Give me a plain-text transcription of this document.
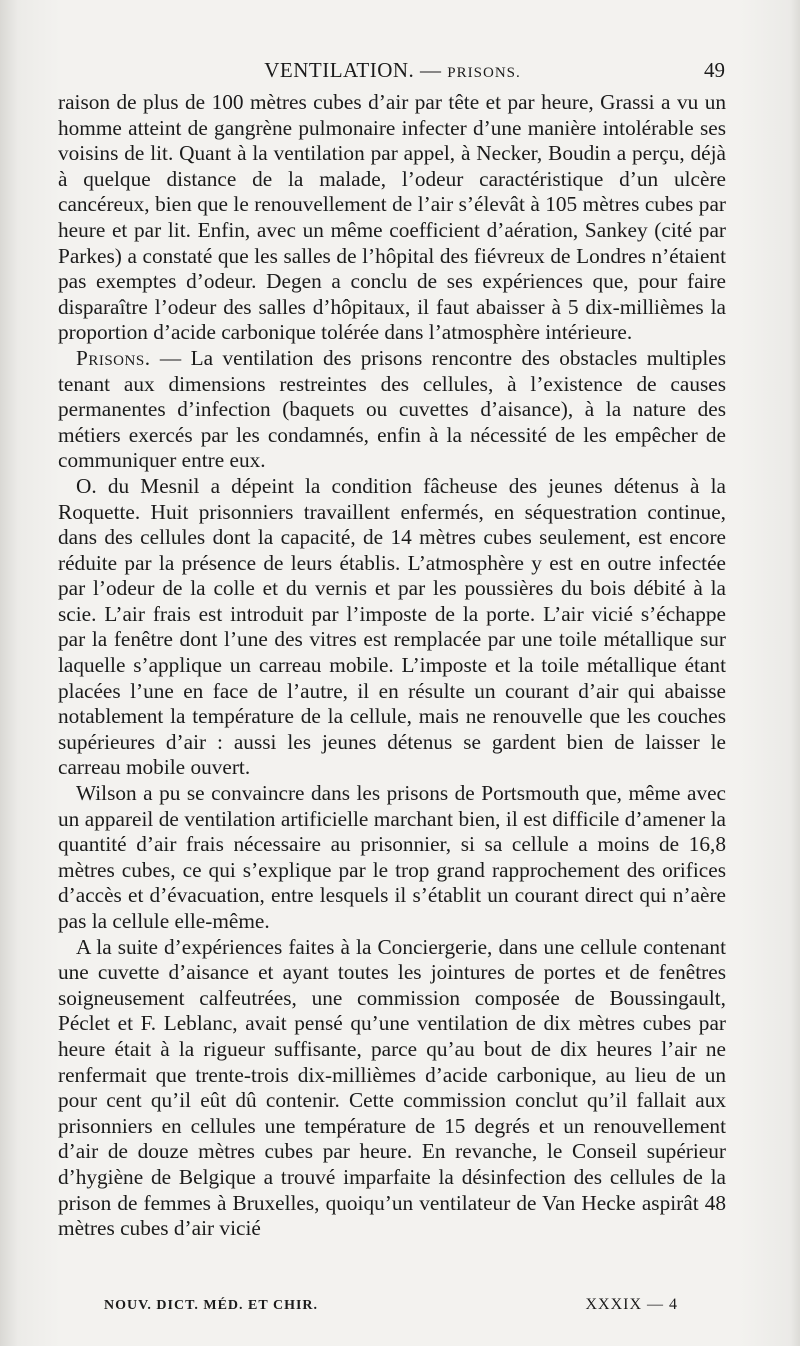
VENTILATION. — PRISONS.	49

raison de plus de 100 mètres cubes d’air par tête et par heure, Grassi a vu un homme atteint de gangrène pulmonaire infecter d’une manière intolérable ses voisins de lit. Quant à la ventilation par appel, à Necker, Boudin a perçu, déjà à quelque distance de la malade, l’odeur caractéristique d’un ulcère cancéreux, bien que le renouvellement de l’air s’élevât à 105 mètres cubes par heure et par lit. Enfin, avec un même coefficient d’aération, Sankey (cité par Parkes) a constaté que les salles de l’hôpital des fiévreux de Londres n’étaient pas exemptes d’odeur. Degen a conclu de ses expériences que, pour faire disparaître l’odeur des salles d’hôpitaux, il faut abaisser à 5 dix-millièmes la proportion d’acide carbonique tolérée dans l’atmosphère intérieure.

Prisons. — La ventilation des prisons rencontre des obstacles multiples tenant aux dimensions restreintes des cellules, à l’existence de causes permanentes d’infection (baquets ou cuvettes d’aisance), à la nature des métiers exercés par les condamnés, enfin à la nécessité de les empêcher de communiquer entre eux.

O. du Mesnil a dépeint la condition fâcheuse des jeunes détenus à la Roquette. Huit prisonniers travaillent enfermés, en séquestration continue, dans des cellules dont la capacité, de 14 mètres cubes seulement, est encore réduite par la présence de leurs établis. L’atmosphère y est en outre infectée par l’odeur de la colle et du vernis et par les poussières du bois débité à la scie. L’air frais est introduit par l’imposte de la porte. L’air vicié s’échappe par la fenêtre dont l’une des vitres est remplacée par une toile métallique sur laquelle s’applique un carreau mobile. L’imposte et la toile métallique étant placées l’une en face de l’autre, il en résulte un courant d’air qui abaisse notablement la température de la cellule, mais ne renouvelle que les couches supérieures d’air : aussi les jeunes détenus se gardent bien de laisser le carreau mobile ouvert.

Wilson a pu se convaincre dans les prisons de Portsmouth que, même avec un appareil de ventilation artificielle marchant bien, il est difficile d’amener la quantité d’air frais nécessaire au prisonnier, si sa cellule a moins de 16,8 mètres cubes, ce qui s’explique par le trop grand rapprochement des orifices d’accès et d’évacuation, entre lesquels il s’établit un courant direct qui n’aère pas la cellule elle-même.

A la suite d’expériences faites à la Conciergerie, dans une cellule contenant une cuvette d’aisance et ayant toutes les jointures de portes et de fenêtres soigneusement calfeutrées, une commission composée de Boussingault, Péclet et F. Leblanc, avait pensé qu’une ventilation de dix mètres cubes par heure était à la rigueur suffisante, parce qu’au bout de dix heures l’air ne renfermait que trente-trois dix-millièmes d’acide carbonique, au lieu de un pour cent qu’il eût dû contenir. Cette commission conclut qu’il fallait aux prisonniers en cellules une température de 15 degrés et un renouvellement d’air de douze mètres cubes par heure. En revanche, le Conseil supérieur d’hygiène de Belgique a trouvé imparfaite la désinfection des cellules de la prison de femmes à Bruxelles, quoiqu’un ventilateur de Van Hecke aspirât 48 mètres cubes d’air vicié

NOUV. DICT. MÉD. ET CHIR.	XXXIX — 4
